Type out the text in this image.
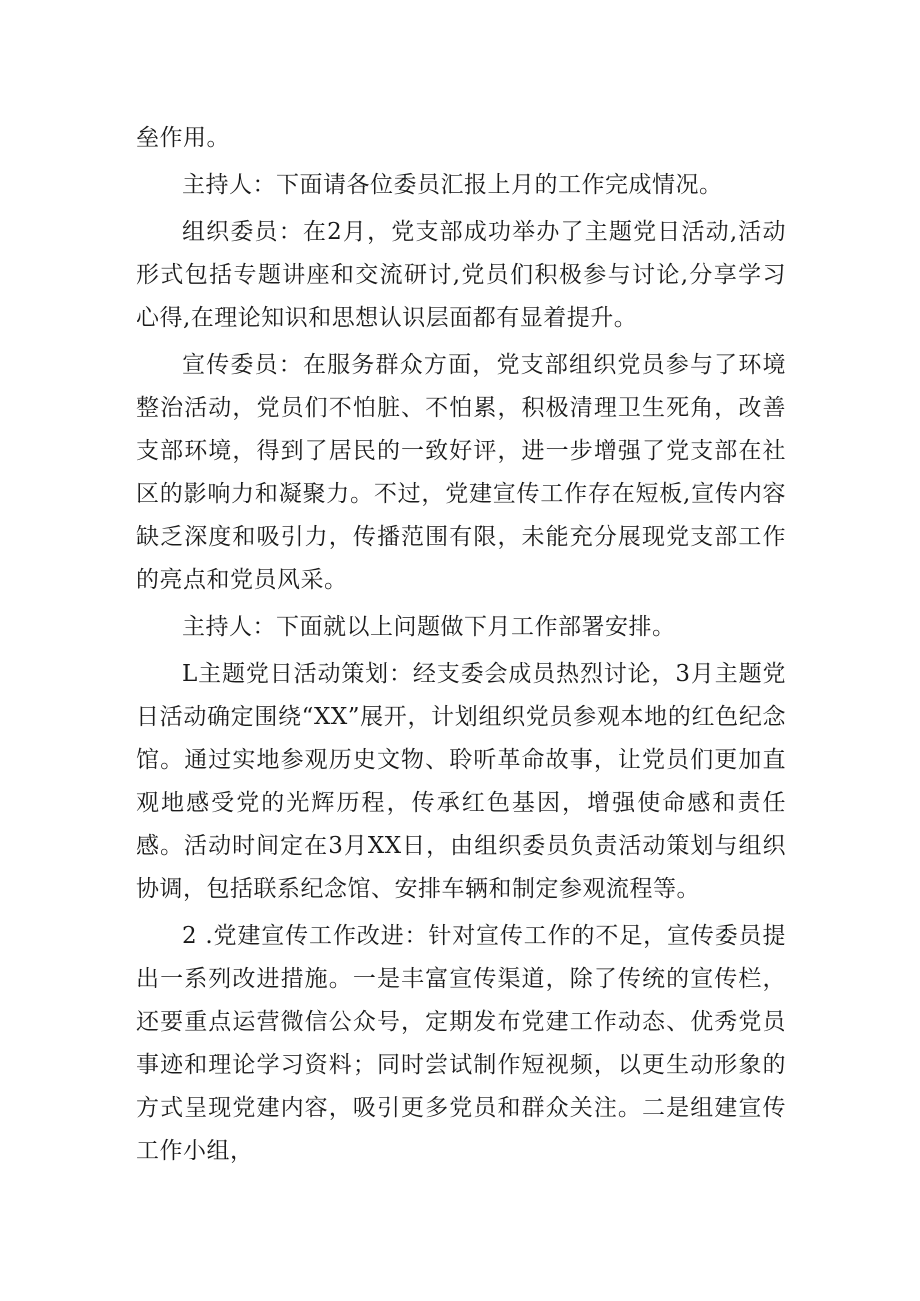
垒作用。

主持人：下面请各位委员汇报上月的工作完成情况。

组织委员：在2月，党支部成功举办了主题党日活动,活动形式包括专题讲座和交流研讨,党员们积极参与讨论,分享学习心得,在理论知识和思想认识层面都有显着提升。

宣传委员：在服务群众方面，党支部组织党员参与了环境整治活动，党员们不怕脏、不怕累，积极清理卫生死角，改善支部环境，得到了居民的一致好评，进一步增强了党支部在社区的影响力和凝聚力。不过，党建宣传工作存在短板,宣传内容缺乏深度和吸引力，传播范围有限，未能充分展现党支部工作的亮点和党员风采。

主持人：下面就以上问题做下月工作部署安排。

L主题党日活动策划：经支委会成员热烈讨论，3月主题党日活动确定围绕“XX”展开，计划组织党员参观本地的红色纪念馆。通过实地参观历史文物、聆听革命故事，让党员们更加直观地感受党的光辉历程，传承红色基因，增强使命感和责任感。活动时间定在3月XX日，由组织委员负责活动策划与组织协调，包括联系纪念馆、安排车辆和制定参观流程等。

2 .党建宣传工作改进：针对宣传工作的不足，宣传委员提出一系列改进措施。一是丰富宣传渠道，除了传统的宣传栏，还要重点运营微信公众号，定期发布党建工作动态、优秀党员事迹和理论学习资料；同时尝试制作短视频，以更生动形象的方式呈现党建内容，吸引更多党员和群众关注。二是组建宣传工作小组，
